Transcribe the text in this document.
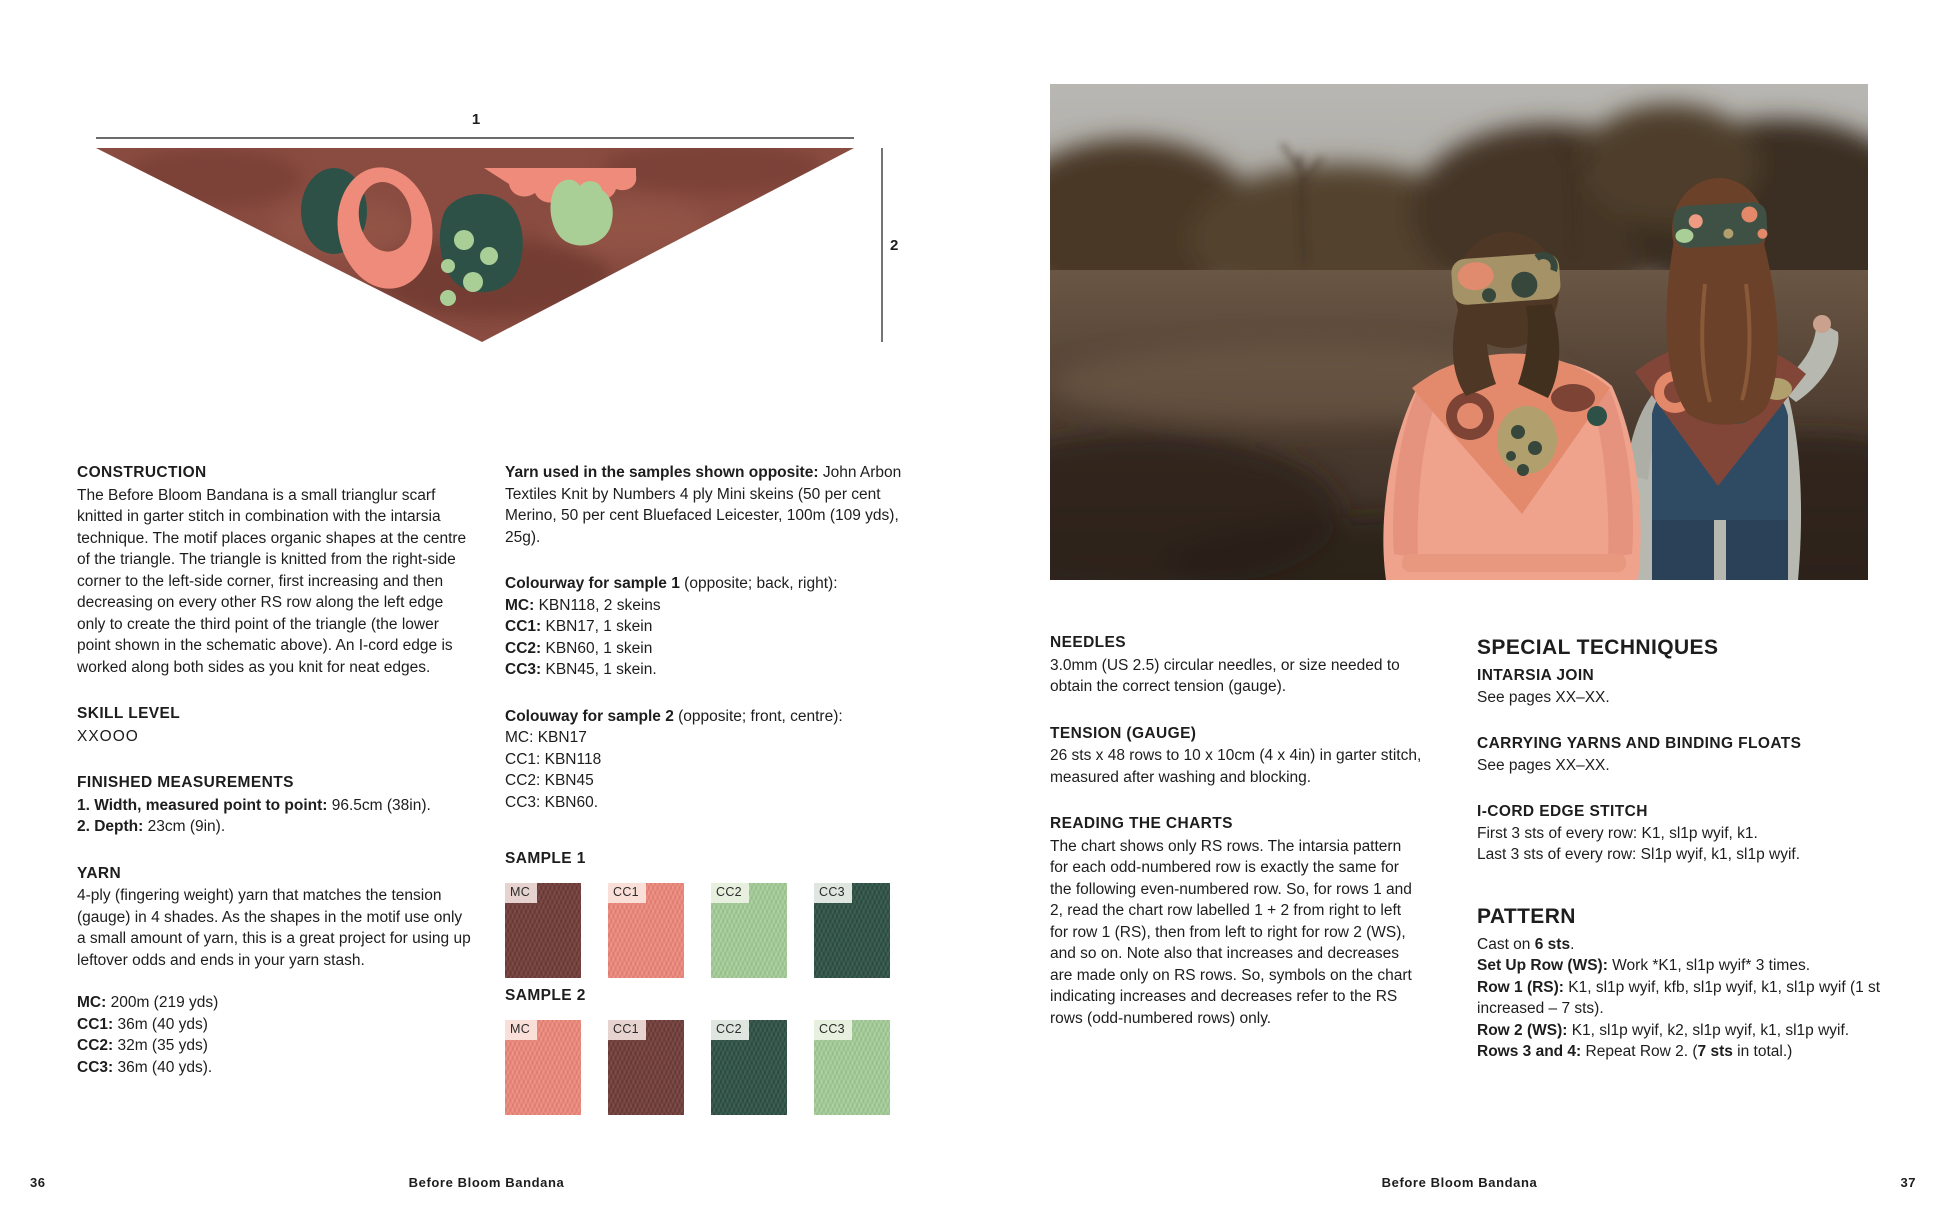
1
2
CONSTRUCTION

The Before Bloom Bandana is a small trianglur scarf knitted in garter stitch in combination with the intarsia technique. The motif places organic shapes at the centre of the triangle. The triangle is knitted from the right-side corner to the left-side corner, first increasing and then decreasing on every other RS row along the left edge only to create the third point of the triangle (the lower point shown in the schematic above). An I-cord edge is worked along both sides as you knit for neat edges.

SKILL LEVEL

XXOOO

FINISHED MEASUREMENTS

1. Width, measured point to point: 96.5cm (38in).

2. Depth: 23cm (9in).

YARN

4-ply (fingering weight) yarn that matches the tension (gauge) in 4 shades. As the shapes in the motif use only a small amount of yarn, this is a great project for using up leftover odds and ends in your yarn stash.

MC: 200m (219 yds)

CC1: 36m (40 yds)

CC2: 32m (35 yds)

CC3: 36m (40 yds).

Yarn used in the samples shown opposite: John Arbon Textiles Knit by Numbers 4 ply Mini skeins (50 per cent Merino, 50 per cent Bluefaced Leicester, 100m (109 yds), 25g).

Colourway for sample 1 (opposite; back, right):

MC: KBN118, 2 skeins

CC1: KBN17, 1 skein

CC2: KBN60, 1 skein

CC3: KBN45, 1 skein.

Colouway for sample 2 (opposite; front, centre):

MC: KBN17

CC1: KBN118

CC2: KBN45

CC3: KBN60.

SAMPLE 1
MC	CC1	CC2	CC3
SAMPLE 2
MC	CC1	CC2	CC3
36	Before Bloom Bandana
NEEDLES

3.0mm (US 2.5) circular needles, or size needed to obtain the correct tension (gauge).

TENSION (GAUGE)

26 sts x 48 rows to 10 x 10cm (4 x 4in) in garter stitch, measured after washing and blocking.

READING THE CHARTS

The chart shows only RS rows. The intarsia pattern for each odd-numbered row is exactly the same for the following even-numbered row. So, for rows 1 and 2, read the chart row labelled 1 + 2 from right to left for row 1 (RS), then from left to right for row 2 (WS), and so on. Note also that increases and decreases are made only on RS rows. So, symbols on the chart indicating increases and decreases refer to the RS rows (odd-numbered rows) only.

SPECIAL TECHNIQUES

INTARSIA JOIN

See pages XX–XX.

CARRYING YARNS AND BINDING FLOATS

See pages XX–XX.

I-CORD EDGE STITCH

First 3 sts of every row: K1, sl1p wyif, k1.

Last 3 sts of every row: Sl1p wyif, k1, sl1p wyif.

PATTERN

Cast on 6 sts.

Set Up Row (WS): Work *K1, sl1p wyif* 3 times.

Row 1 (RS): K1, sl1p wyif, kfb, sl1p wyif, k1, sl1p wyif (1 st increased – 7 sts).

Row 2 (WS): K1, sl1p wyif, k2, sl1p wyif, k1, sl1p wyif.

Rows 3 and 4: Repeat Row 2. (7 sts in total.)

Before Bloom Bandana	37
